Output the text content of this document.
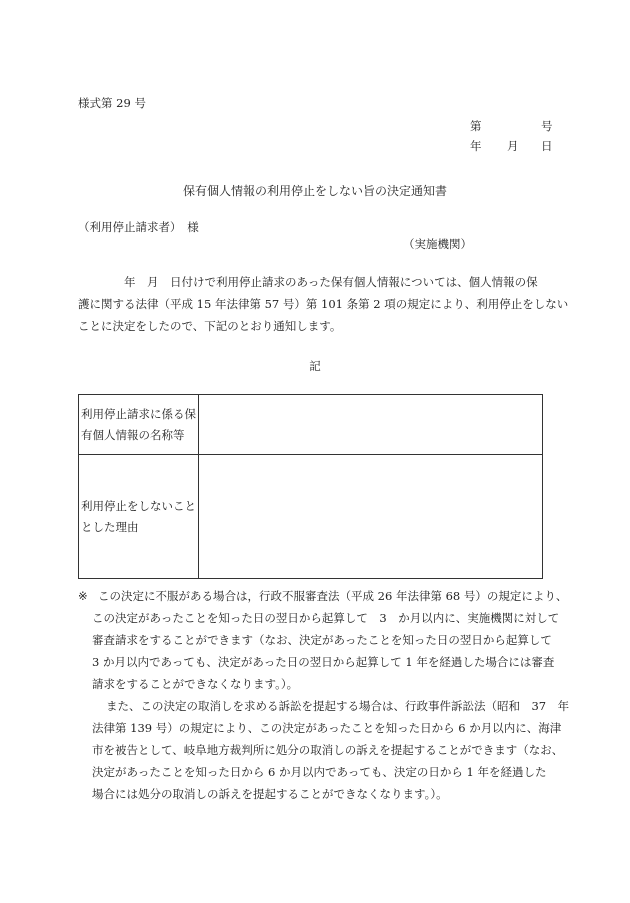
様式第 29 号
第	号
年 月 日
保有個人情報の利用停止をしない旨の決定通知書
（利用停止請求者）　様
（実施機関）
　　　　年　月　日付けで利用停止請求のあった保有個人情報については、個人情報の保
護に関する法律（平成 15 年法律第 57 号）第 101 条第 2 項の規定により、利用停止をしない
ことに決定をしたので、下記のとおり通知します。
記
利用停止請求に係る保
有個人情報の名称等	

利用停止をしないこと
とした理由	

※ この決定に不服がある場合は，行政不服審査法（平成 26 年法律第 68 号）の規定により、
この決定があったことを知った日の翌日から起算して　3　か月以内に、実施機関に対して
審査請求をすることができます（なお、決定があったことを知った日の翌日から起算して
3 か月以内であっても、決定があった日の翌日から起算して 1 年を経過した場合には審査
請求をすることができなくなります。）。
また、この決定の取消しを求める訴訟を提起する場合は、行政事件訴訟法（昭和　37　年
法律第 139 号）の規定により、この決定があったことを知った日から 6 か月以内に、海津
市を被告として、岐阜地方裁判所に処分の取消しの訴えを提起することができます（なお、
決定があったことを知った日から 6 か月以内であっても、決定の日から 1 年を経過した
場合には処分の取消しの訴えを提起することができなくなります。）。
